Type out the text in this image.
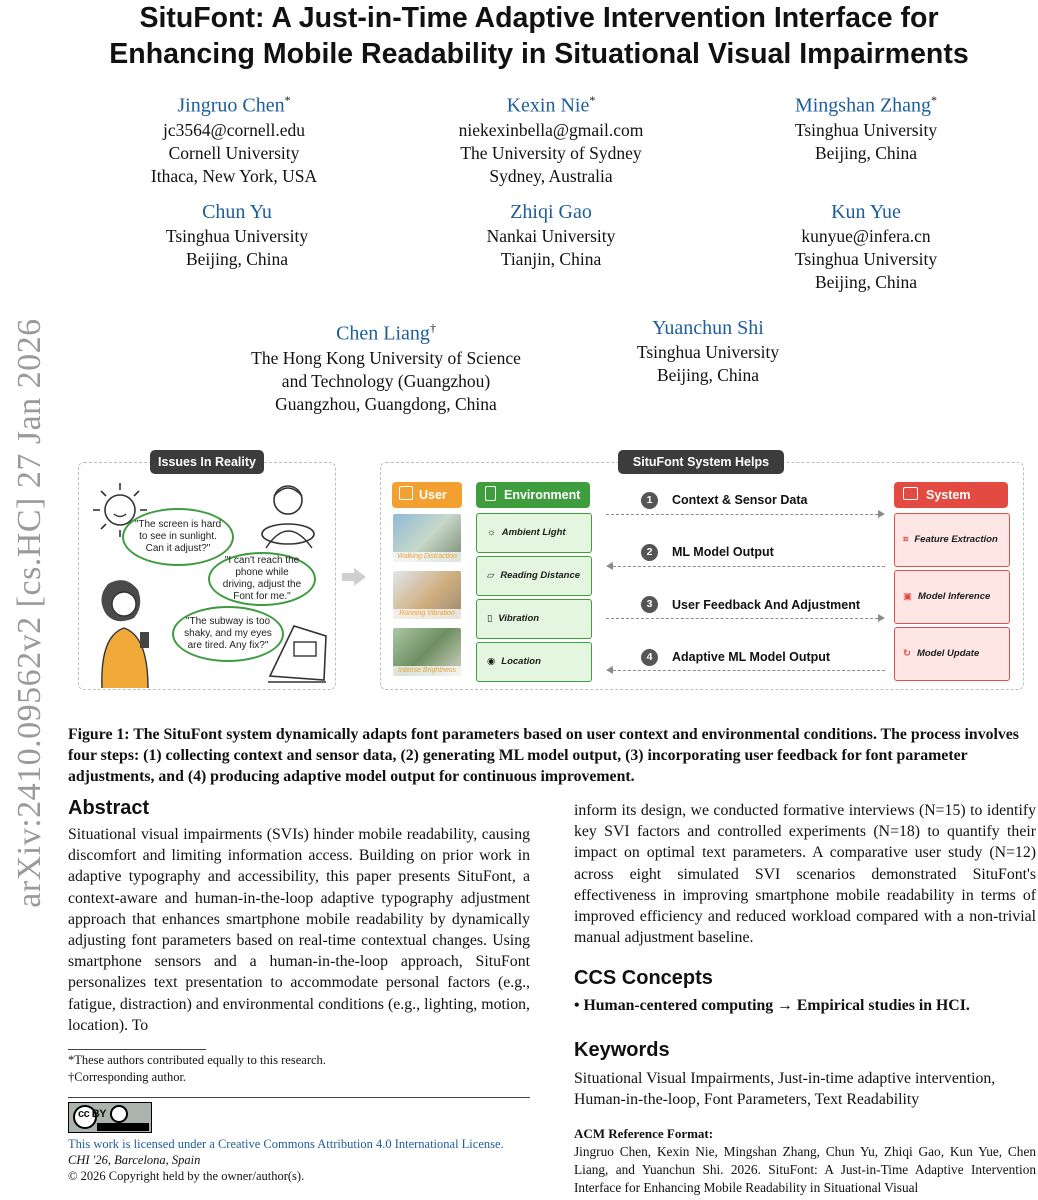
arXiv:2410.09562v2 [cs.HC] 27 Jan 2026
SituFont: A Just-in-Time Adaptive Intervention Interface for
Enhancing Mobile Readability in Situational Visual Impairments
Jingruo Chen*
jc3564@cornell.edu
Cornell University
Ithaca, New York, USA
Kexin Nie*
niekexinbella@gmail.com
The University of Sydney
Sydney, Australia
Mingshan Zhang*
Tsinghua University
Beijing, China
Chun Yu
Tsinghua University
Beijing, China
Zhiqi Gao
Nankai University
Tianjin, China
Kun Yue
kunyue@infera.cn
Tsinghua University
Beijing, China
Chen Liang†
The Hong Kong University of Science
and Technology (Guangzhou)
Guangzhou, Guangdong, China
Yuanchun Shi
Tsinghua University
Beijing, China
Issues In Reality
"The screen is hard to see in sunlight. Can it adjust?"
"I can't reach the phone while driving, adjust the Font for me."
"The subway is too shaky, and my eyes are tired. Any fix?"
SituFont System Helps
User
Walking Distraction
Running Vibration
Intense Brightness
Environment
☼ Ambient Light
▱ Reading Distance
▯ Vibration
◉ Location
1	Context & Sensor Data
2	ML Model Output
3	User Feedback And Adjustment
4	Adaptive ML Model Output
System
⌗ Feature Extraction
▣ Model Inference
↻ Model Update
Figure 1: The SituFont system dynamically adapts font parameters based on user context and environmental conditions. The process involves four steps: (1) collecting context and sensor data, (2) generating ML model output, (3) incorporating user feedback for font parameter adjustments, and (4) producing adaptive model output for continuous improvement.
Abstract
Situational visual impairments (SVIs) hinder mobile readability, causing discomfort and limiting information access. Building on prior work in adaptive typography and accessibility, this paper presents SituFont, a context-aware and human-in-the-loop adaptive typography adjustment approach that enhances smartphone mobile readability by dynamically adjusting font parameters based on real-time contextual changes. Using smartphone sensors and a human-in-the-loop approach, SituFont personalizes text presentation to accommodate personal factors (e.g., fatigue, distraction) and environmental conditions (e.g., lighting, motion, location). To
inform its design, we conducted formative interviews (N=15) to identify key SVI factors and controlled experiments (N=18) to quantify their impact on optimal text parameters. A comparative user study (N=12) across eight simulated SVI scenarios demonstrated SituFont's effectiveness in improving smartphone mobile readability in terms of improved efficiency and reduced workload compared with a non-trivial manual adjustment baseline.
CCS Concepts
• Human-centered computing → Empirical studies in HCI.
Keywords
Situational Visual Impairments, Just-in-time adaptive intervention, Human-in-the-loop, Font Parameters, Text Readability
ACM Reference Format:
Jingruo Chen, Kexin Nie, Mingshan Zhang, Chun Yu, Zhiqi Gao, Kun Yue, Chen Liang, and Yuanchun Shi. 2026. SituFont: A Just-in-Time Adaptive Intervention Interface for Enhancing Mobile Readability in Situational Visual
*These authors contributed equally to this research.
†Corresponding author.
cc BY
This work is licensed under a Creative Commons Attribution 4.0 International License.
CHI '26, Barcelona, Spain
© 2026 Copyright held by the owner/author(s).
